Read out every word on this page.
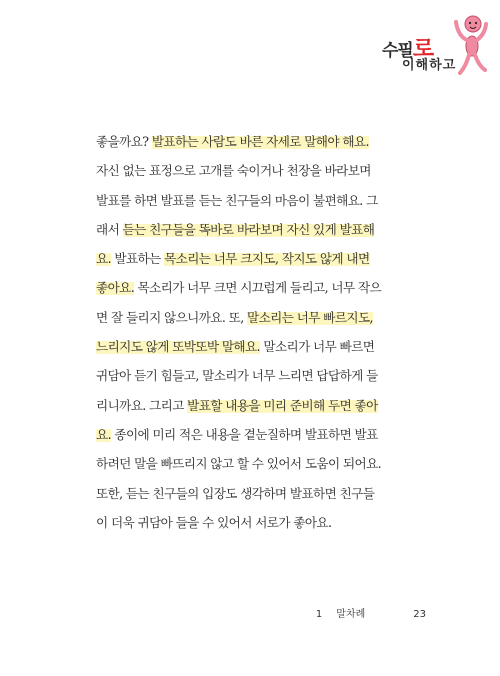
수필로
이해하고
좋을까요? 발표하는 사람도 바른 자세로 말해야 해요.
자신 없는 표정으로 고개를 숙이거나 천장을 바라보며
발표를 하면 발표를 듣는 친구들의 마음이 불편해요. 그
래서 듣는 친구들을 똑바로 바라보며 자신 있게 발표해
요. 발표하는 목소리는 너무 크지도, 작지도 않게 내면
좋아요. 목소리가 너무 크면 시끄럽게 들리고, 너무 작으
면 잘 들리지 않으니까요. 또, 말소리는 너무 빠르지도,
느리지도 않게 또박또박 말해요. 말소리가 너무 빠르면
귀담아 듣기 힘들고, 말소리가 너무 느리면 답답하게 들
리니까요. 그리고 발표할 내용을 미리 준비해 두면 좋아
요. 종이에 미리 적은 내용을 곁눈질하며 발표하면 발표
하려던 말을 빠뜨리지 않고 할 수 있어서 도움이 되어요.
또한, 듣는 친구들의 입장도 생각하며 발표하면 친구들
이 더욱 귀담아 들을 수 있어서 서로가 좋아요.
1 말차례	23
